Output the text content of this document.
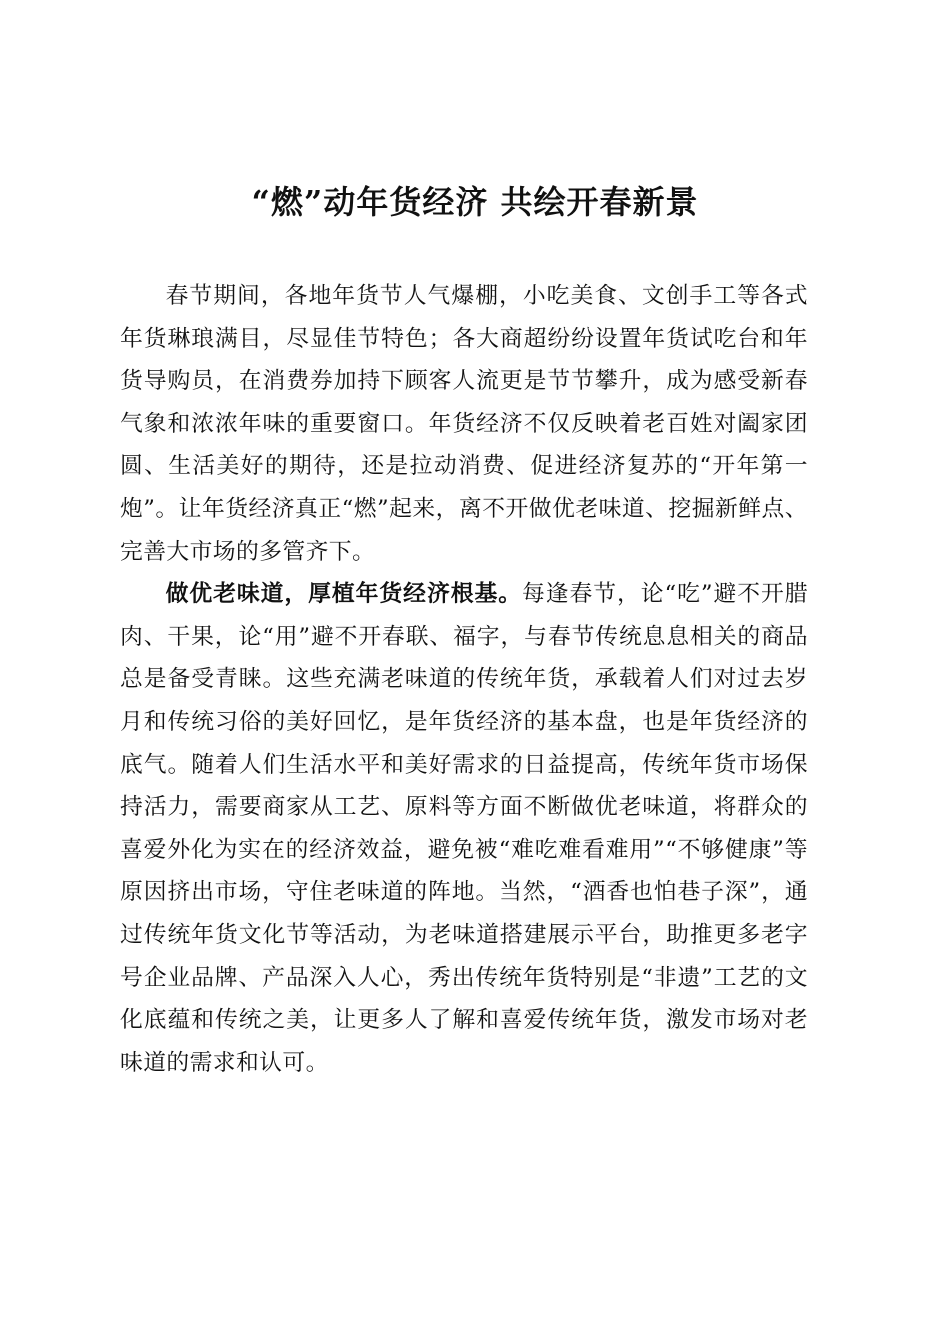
“燃”动年货经济 共绘开春新景

春节期间，各地年货节人气爆棚，小吃美食、文创手工等各式年货琳琅满目，尽显佳节特色；各大商超纷纷设置年货试吃台和年货导购员，在消费券加持下顾客人流更是节节攀升，成为感受新春气象和浓浓年味的重要窗口。年货经济不仅反映着老百姓对阖家团圆、生活美好的期待，还是拉动消费、促进经济复苏的“开年第一炮”。让年货经济真正“燃”起来，离不开做优老味道、挖掘新鲜点、完善大市场的多管齐下。

做优老味道，厚植年货经济根基。每逢春节，论“吃”避不开腊肉、干果，论“用”避不开春联、福字，与春节传统息息相关的商品总是备受青睐。这些充满老味道的传统年货，承载着人们对过去岁月和传统习俗的美好回忆，是年货经济的基本盘，也是年货经济的底气。随着人们生活水平和美好需求的日益提高，传统年货市场保持活力，需要商家从工艺、原料等方面不断做优老味道，将群众的喜爱外化为实在的经济效益，避免被“难吃难看难用”“不够健康”等原因挤出市场，守住老味道的阵地。当然，“酒香也怕巷子深”，通过传统年货文化节等活动，为老味道搭建展示平台，助推更多老字号企业品牌、产品深入人心，秀出传统年货特别是“非遗”工艺的文化底蕴和传统之美，让更多人了解和喜爱传统年货，激发市场对老味道的需求和认可。
